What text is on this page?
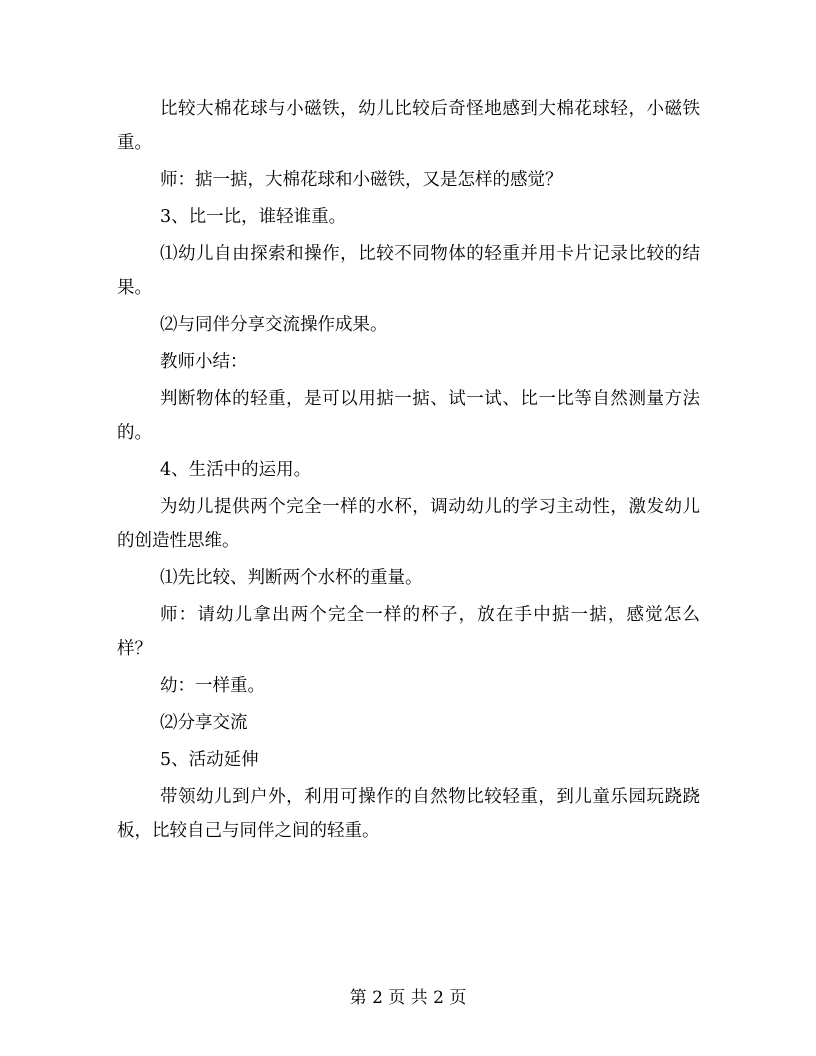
比较大棉花球与小磁铁，幼儿比较后奇怪地感到大棉花球轻，小磁铁重。

师：掂一掂，大棉花球和小磁铁，又是怎样的感觉？

3、比一比，谁轻谁重。

⑴幼儿自由探索和操作，比较不同物体的轻重并用卡片记录比较的结果。

⑵与同伴分享交流操作成果。

教师小结：

判断物体的轻重，是可以用掂一掂、试一试、比一比等自然测量方法的。

4、生活中的运用。

为幼儿提供两个完全一样的水杯，调动幼儿的学习主动性，激发幼儿的创造性思维。

⑴先比较、判断两个水杯的重量。

师：请幼儿拿出两个完全一样的杯子，放在手中掂一掂，感觉怎么样？

幼：一样重。

⑵分享交流

5、活动延伸

带领幼儿到户外，利用可操作的自然物比较轻重，到儿童乐园玩跷跷板，比较自己与同伴之间的轻重。

第 2 页 共 2 页
